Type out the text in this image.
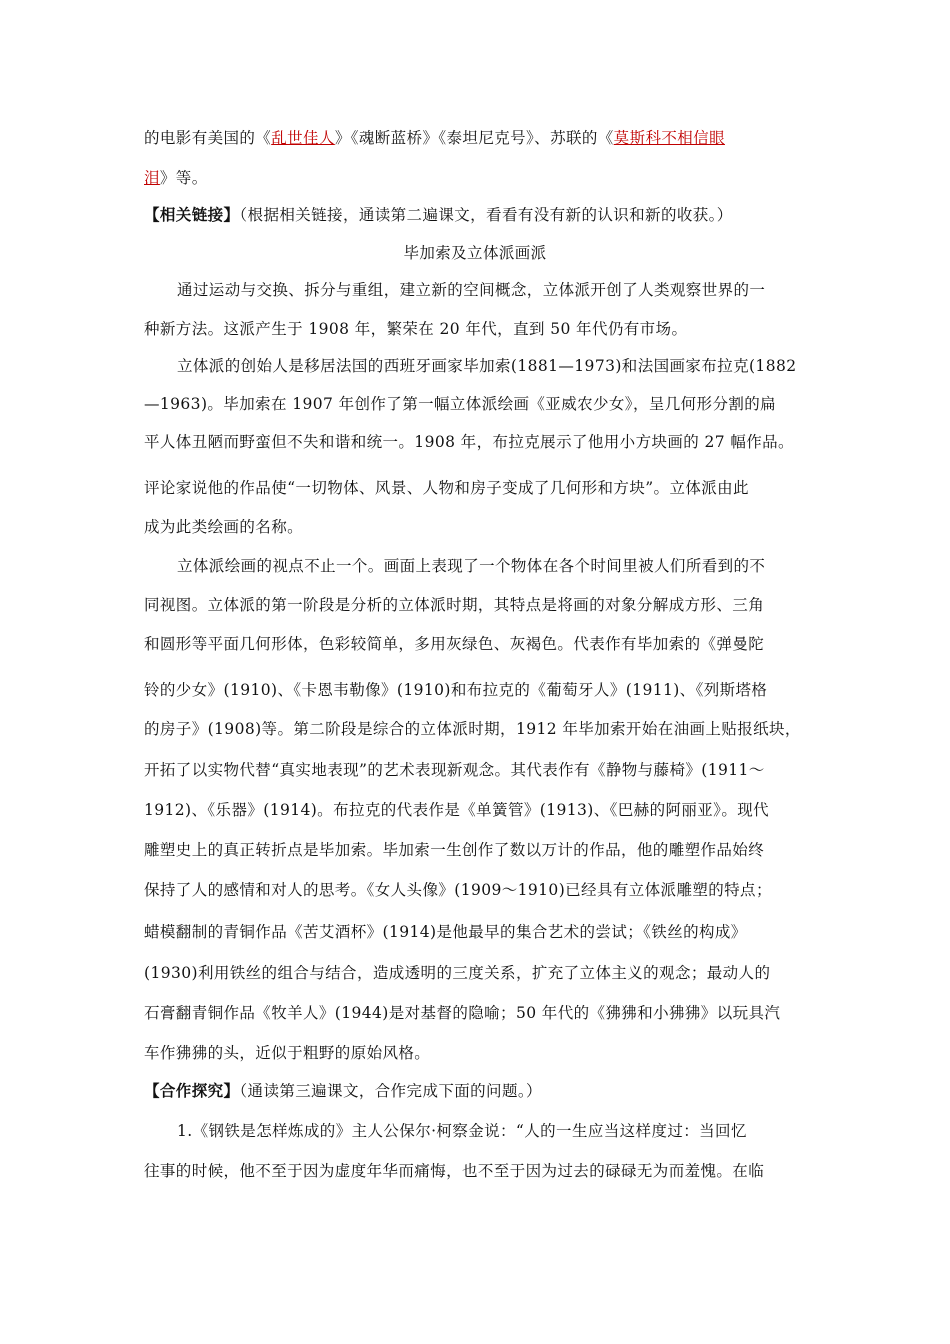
的电影有美国的《乱世佳人》《魂断蓝桥》《泰坦尼克号》、苏联的《莫斯科不相信眼
泪》等。
【相关链接】（根据相关链接，通读第二遍课文，看看有没有新的认识和新的收获。）
毕加索及立体派画派
通过运动与交换、拆分与重组，建立新的空间概念，立体派开创了人类观察世界的一
种新方法。这派产生于 1908 年，繁荣在 20 年代，直到 50 年代仍有市场。
立体派的创始人是移居法国的西班牙画家毕加索(1881—1973)和法国画家布拉克(1882
—1963)。毕加索在 1907 年创作了第一幅立体派绘画《亚威农少女》，呈几何形分割的扁
平人体丑陋而野蛮但不失和谐和统一。1908 年，布拉克展示了他用小方块画的 27 幅作品。
评论家说他的作品使“一切物体、风景、人物和房子变成了几何形和方块”。立体派由此
成为此类绘画的名称。
立体派绘画的视点不止一个。画面上表现了一个物体在各个时间里被人们所看到的不
同视图。立体派的第一阶段是分析的立体派时期，其特点是将画的对象分解成方形、三角
和圆形等平面几何形体，色彩较简单，多用灰绿色、灰褐色。代表作有毕加索的《弹曼陀
铃的少女》(1910)、《卡恩韦勒像》(1910)和布拉克的《葡萄牙人》(1911)、《列斯塔格
的房子》(1908)等。第二阶段是综合的立体派时期，1912 年毕加索开始在油画上贴报纸块，
开拓了以实物代替“真实地表现”的艺术表现新观念。其代表作有《静物与藤椅》(1911～
1912)、《乐器》(1914)。布拉克的代表作是《单簧管》(1913)、《巴赫的阿丽亚》。现代
雕塑史上的真正转折点是毕加索。毕加索一生创作了数以万计的作品，他的雕塑作品始终
保持了人的感情和对人的思考。《女人头像》(1909～1910)已经具有立体派雕塑的特点；
蜡模翻制的青铜作品《苦艾酒杯》(1914)是他最早的集合艺术的尝试；《铁丝的构成》
(1930)利用铁丝的组合与结合，造成透明的三度关系，扩充了立体主义的观念；最动人的
石膏翻青铜作品《牧羊人》(1944)是对基督的隐喻；50 年代的《狒狒和小狒狒》以玩具汽
车作狒狒的头，近似于粗野的原始风格。
【合作探究】（通读第三遍课文，合作完成下面的问题。）
1.《钢铁是怎样炼成的》主人公保尔·柯察金说：“人的一生应当这样度过：当回忆
往事的时候，他不至于因为虚度年华而痛悔，也不至于因为过去的碌碌无为而羞愧。在临
